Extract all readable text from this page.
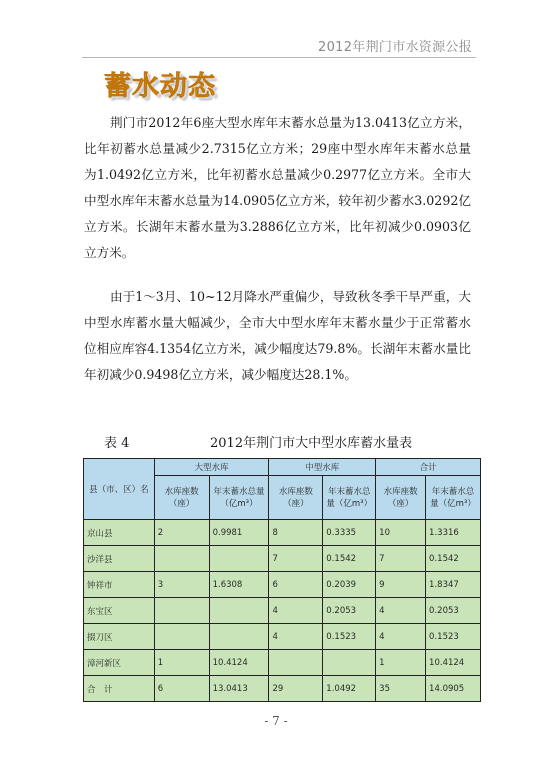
2012年荆门市水资源公报
蓄水动态

荆门市2012年6座大型水库年末蓄水总量为13.0413亿立方米，比年初蓄水总量减少2.7315亿立方米；29座中型水库年末蓄水总量为1.0492亿立方米，比年初蓄水总量减少0.2977亿立方米。全市大中型水库年末蓄水总量为14.0905亿立方米，较年初少蓄水3.0292亿立方米。长湖年末蓄水量为3.2886亿立方米，比年初减少0.0903亿立方米。

由于1～3月、10~12月降水严重偏少，导致秋冬季干旱严重，大中型水库蓄水量大幅减少，全市大中型水库年末蓄水量少于正常蓄水位相应库容4.1354亿立方米，减少幅度达79.8%。长湖年末蓄水量比年初减少0.9498亿立方米，减少幅度达28.1%。

表 4	2012年荆门市大中型水库蓄水量表
县（市、区）名	大型水库		中型水库		合计	
	水库座数（座）	年末蓄水总量（亿m³）	水库座数（座）	年末蓄水总量（亿m³）	水库座数（座）	年末蓄水总量（亿m³）
京山县	2	0.9981	8	0.3335	10	1.3316
沙洋县			7	0.1542	7	0.1542
钟祥市	3	1.6308	6	0.2039	9	1.8347
东宝区			4	0.2053	4	0.2053
掇刀区			4	0.1523	4	0.1523
漳河新区	1	10.4124			1	10.4124
合　计	6	13.0413	29	1.0492	35	14.0905
- 7 -
